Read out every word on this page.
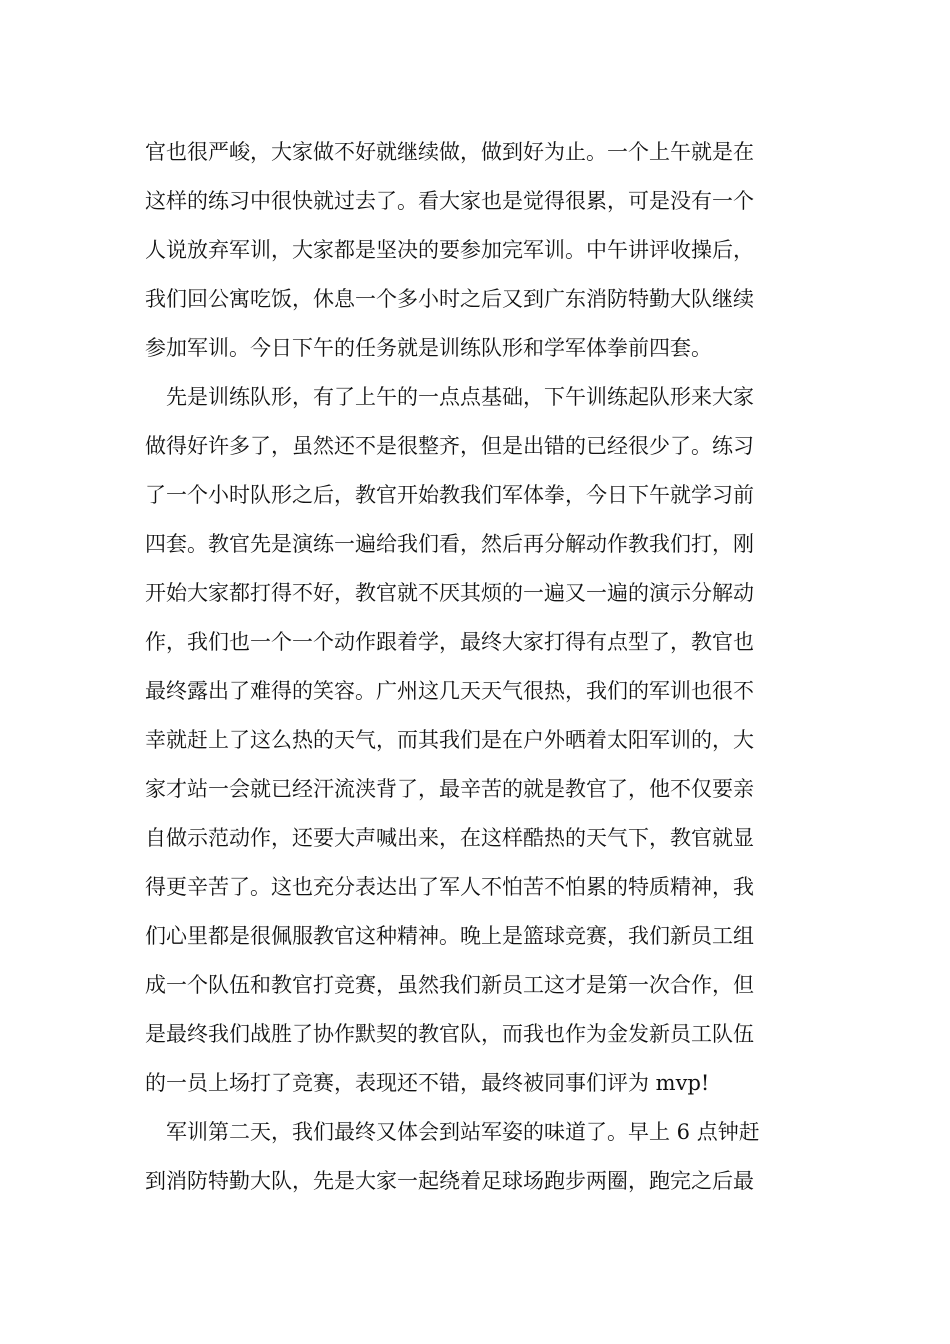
官也很严峻，大家做不好就继续做，做到好为止。一个上午就是在
这样的练习中很快就过去了。看大家也是觉得很累，可是没有一个
人说放弃军训，大家都是坚决的要参加完军训。中午讲评收操后，
我们回公寓吃饭，休息一个多小时之后又到广东消防特勤大队继续
参加军训。今日下午的任务就是训练队形和学军体拳前四套。
　先是训练队形，有了上午的一点点基础，下午训练起队形来大家
做得好许多了，虽然还不是很整齐，但是出错的已经很少了。练习
了一个小时队形之后，教官开始教我们军体拳，今日下午就学习前
四套。教官先是演练一遍给我们看，然后再分解动作教我们打，刚
开始大家都打得不好，教官就不厌其烦的一遍又一遍的演示分解动
作，我们也一个一个动作跟着学，最终大家打得有点型了，教官也
最终露出了难得的笑容。广州这几天天气很热，我们的军训也很不
幸就赶上了这么热的天气，而其我们是在户外晒着太阳军训的，大
家才站一会就已经汗流浃背了，最辛苦的就是教官了，他不仅要亲
自做示范动作，还要大声喊出来，在这样酷热的天气下，教官就显
得更辛苦了。这也充分表达出了军人不怕苦不怕累的特质精神，我
们心里都是很佩服教官这种精神。晚上是篮球竞赛，我们新员工组
成一个队伍和教官打竞赛，虽然我们新员工这才是第一次合作，但
是最终我们战胜了协作默契的教官队，而我也作为金发新员工队伍
的一员上场打了竞赛，表现还不错，最终被同事们评为 mvp!
　军训第二天，我们最终又体会到站军姿的味道了。早上 6 点钟赶
到消防特勤大队，先是大家一起绕着足球场跑步两圈，跑完之后最
